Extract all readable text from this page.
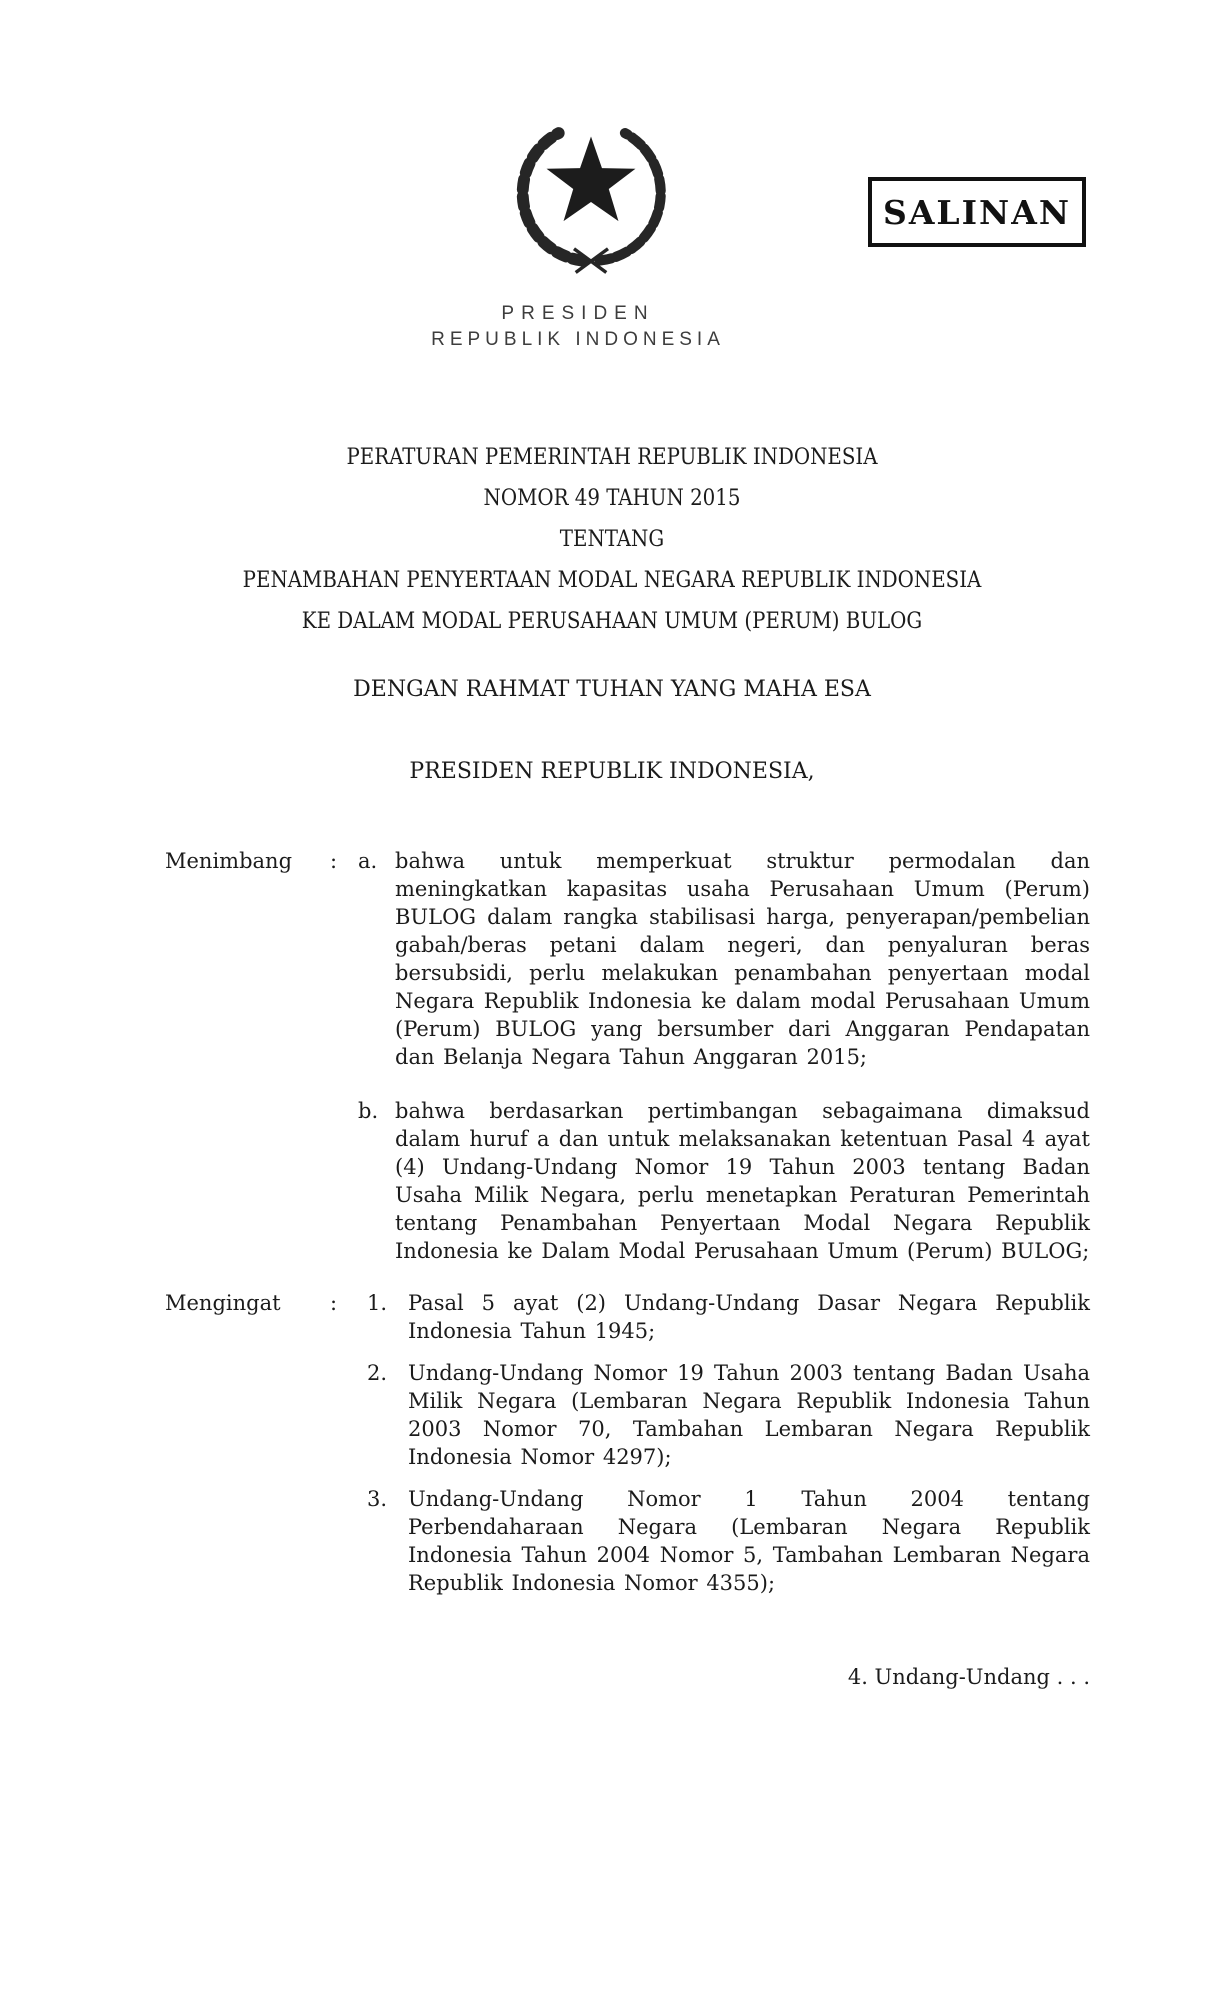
SALINAN
PRESIDEN
REPUBLIK INDONESIA
PERATURAN PEMERINTAH REPUBLIK INDONESIA
NOMOR 49 TAHUN 2015
TENTANG
PENAMBAHAN PENYERTAAN MODAL NEGARA REPUBLIK INDONESIA
KE DALAM MODAL PERUSAHAAN UMUM (PERUM) BULOG
DENGAN RAHMAT TUHAN YANG MAHA ESA
PRESIDEN REPUBLIK INDONESIA,
Menimbang	: a. bahwa untuk memperkuat struktur permodalan dan meningkatkan kapasitas usaha Perusahaan Umum (Perum) BULOG dalam rangka stabilisasi harga, penyerapan/pembelian gabah/beras petani dalam negeri, dan penyaluran beras bersubsidi, perlu melakukan penambahan penyertaan modal Negara Republik Indonesia ke dalam modal Perusahaan Umum (Perum) BULOG yang bersumber dari Anggaran Pendapatan dan Belanja Negara Tahun Anggaran 2015;
b. bahwa berdasarkan pertimbangan sebagaimana dimaksud dalam huruf a dan untuk melaksanakan ketentuan Pasal 4 ayat (4) Undang-Undang Nomor 19 Tahun 2003 tentang Badan Usaha Milik Negara, perlu menetapkan Peraturan Pemerintah tentang Penambahan Penyertaan Modal Negara Republik Indonesia ke Dalam Modal Perusahaan Umum (Perum) BULOG;
Mengingat	:	1. Pasal 5 ayat (2) Undang-Undang Dasar Negara Republik Indonesia Tahun 1945;
2. Undang-Undang Nomor 19 Tahun 2003 tentang Badan Usaha Milik Negara (Lembaran Negara Republik Indonesia Tahun 2003 Nomor 70, Tambahan Lembaran Negara Republik Indonesia Nomor 4297);
3. Undang-Undang Nomor 1 Tahun 2004 tentang Perbendaharaan Negara (Lembaran Negara Republik Indonesia Tahun 2004 Nomor 5, Tambahan Lembaran Negara Republik Indonesia Nomor 4355);
4. Undang-Undang . . .
